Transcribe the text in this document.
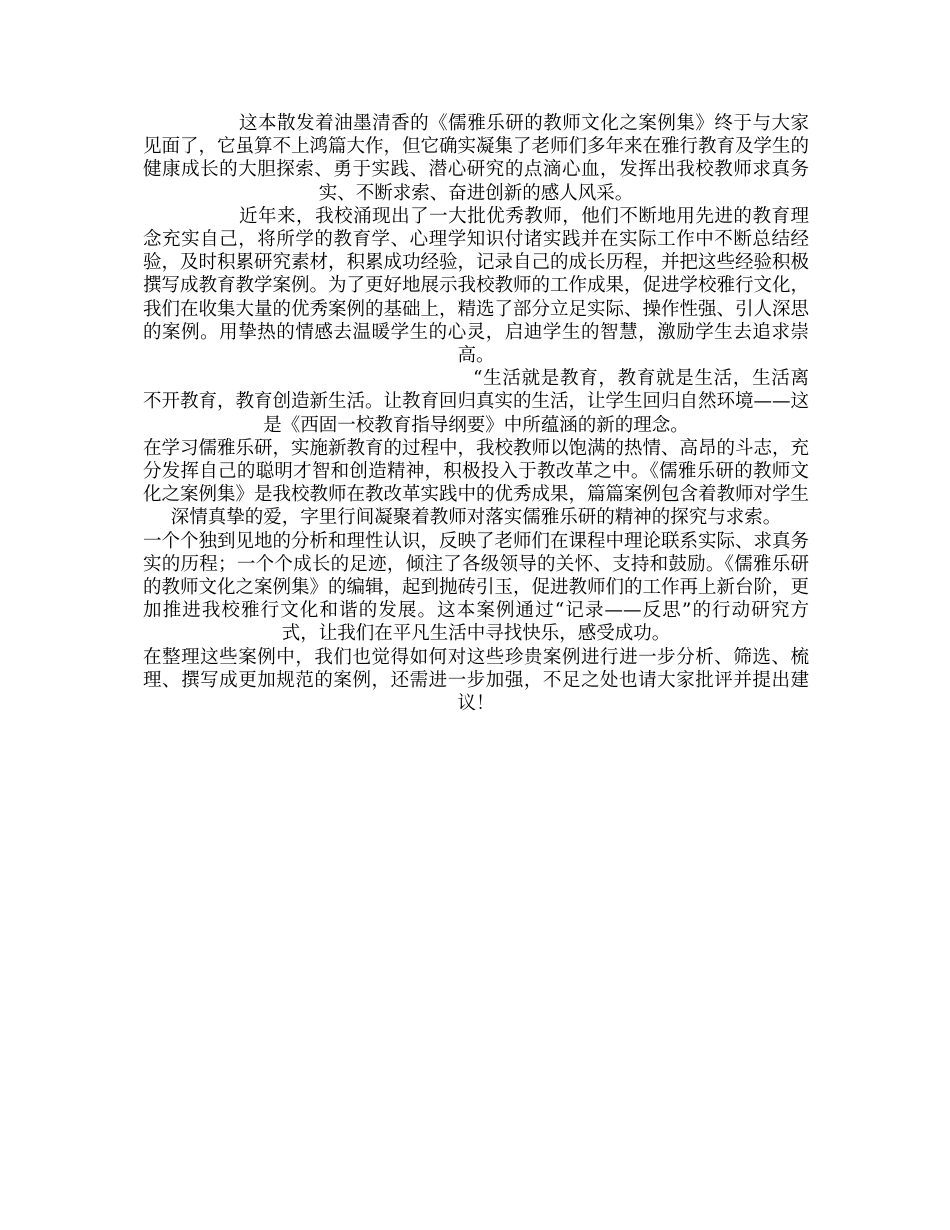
这本散发着油墨清香的《儒雅乐研的教师文化之案例集》终于与大家见面了，它虽算不上鸿篇大作，但它确实凝集了老师们多年来在雅行教育及学生的健康成长的大胆探索、勇于实践、潜心研究的点滴心血，发挥出我校教师求真务实、不断求索、奋进创新的感人风采。

近年来，我校涌现出了一大批优秀教师，他们不断地用先进的教育理念充实自己，将所学的教育学、心理学知识付诸实践并在实际工作中不断总结经验，及时积累研究素材，积累成功经验，记录自己的成长历程，并把这些经验积极撰写成教育教学案例。为了更好地展示我校教师的工作成果，促进学校雅行文化，我们在收集大量的优秀案例的基础上，精选了部分立足实际、操作性强、引人深思的案例。用挚热的情感去温暖学生的心灵，启迪学生的智慧，激励学生去追求崇高。

“生活就是教育，教育就是生活，生活离不开教育，教育创造新生活。让教育回归真实的生活，让学生回归自然环境——这是《西固一校教育指导纲要》中所蕴涵的新的理念。

在学习儒雅乐研，实施新教育的过程中，我校教师以饱满的热情、高昂的斗志，充分发挥自己的聪明才智和创造精神，积极投入于教改革之中。《儒雅乐研的教师文化之案例集》是我校教师在教改革实践中的优秀成果，篇篇案例包含着教师对学生深情真挚的爱，字里行间凝聚着教师对落实儒雅乐研的精神的探究与求索。

一个个独到见地的分析和理性认识，反映了老师们在课程中理论联系实际、求真务实的历程；一个个成长的足迹，倾注了各级领导的关怀、支持和鼓励。《儒雅乐研的教师文化之案例集》的编辑，起到抛砖引玉，促进教师们的工作再上新台阶，更加推进我校雅行文化和谐的发展。这本案例通过“记录——反思”的行动研究方式，让我们在平凡生活中寻找快乐，感受成功。

在整理这些案例中，我们也觉得如何对这些珍贵案例进行进一步分析、筛选、梳理、撰写成更加规范的案例，还需进一步加强，不足之处也请大家批评并提出建议！
